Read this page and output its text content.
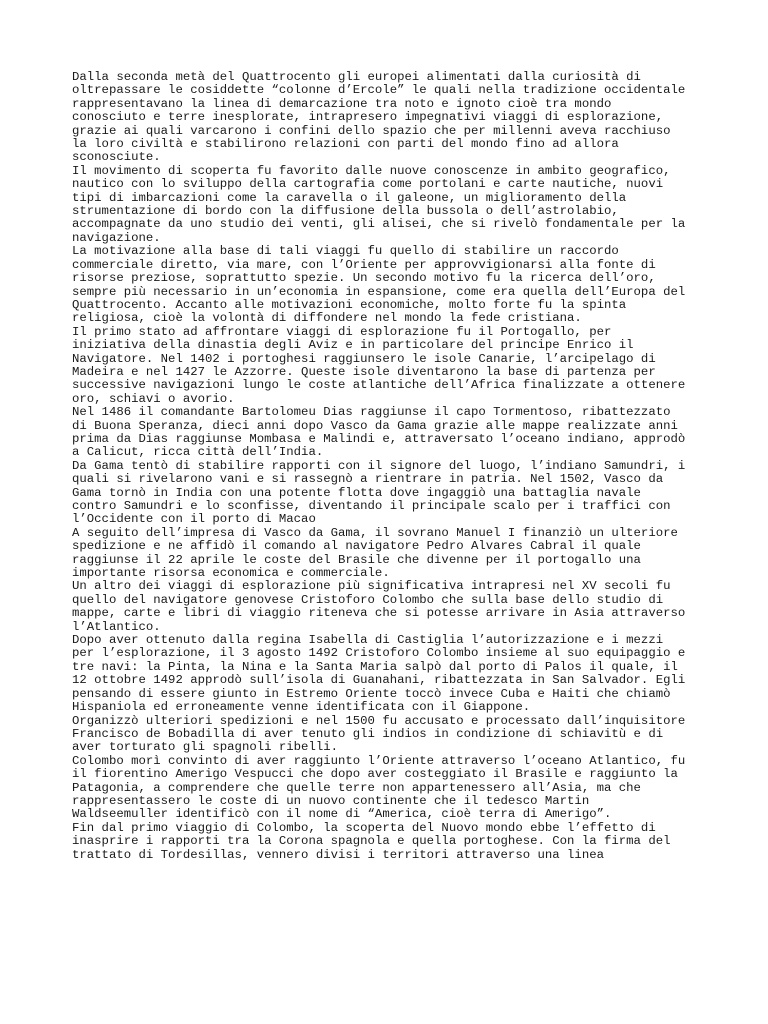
Dalla seconda metà del Quattrocento gli europei alimentati dalla curiosità di
oltrepassare le cosiddette “colonne d’Ercole” le quali nella tradizione occidentale
rappresentavano la linea di demarcazione tra noto e ignoto cioè tra mondo
conosciuto e terre inesplorate, intrapresero impegnativi viaggi di esplorazione,
grazie ai quali varcarono i confini dello spazio che per millenni aveva racchiuso
la loro civiltà e stabilirono relazioni con parti del mondo fino ad allora
sconosciute.
Il movimento di scoperta fu favorito dalle nuove conoscenze in ambito geografico,
nautico con lo sviluppo della cartografia come portolani e carte nautiche, nuovi
tipi di imbarcazioni come la caravella o il galeone, un miglioramento della
strumentazione di bordo con la diffusione della bussola o dell’astrolabio,
accompagnate da uno studio dei venti, gli alisei, che si rivelò fondamentale per la
navigazione.
La motivazione alla base di tali viaggi fu quello di stabilire un raccordo
commerciale diretto, via mare, con l’Oriente per approvvigionarsi alla fonte di
risorse preziose, soprattutto spezie. Un secondo motivo fu la ricerca dell’oro,
sempre più necessario in un’economia in espansione, come era quella dell’Europa del
Quattrocento. Accanto alle motivazioni economiche, molto forte fu la spinta
religiosa, cioè la volontà di diffondere nel mondo la fede cristiana.
Il primo stato ad affrontare viaggi di esplorazione fu il Portogallo, per
iniziativa della dinastia degli Aviz e in particolare del principe Enrico il
Navigatore. Nel 1402 i portoghesi raggiunsero le isole Canarie, l’arcipelago di
Madeira e nel 1427 le Azzorre. Queste isole diventarono la base di partenza per
successive navigazioni lungo le coste atlantiche dell’Africa finalizzate a ottenere
oro, schiavi o avorio.
Nel 1486 il comandante Bartolomeu Dias raggiunse il capo Tormentoso, ribattezzato
di Buona Speranza, dieci anni dopo Vasco da Gama grazie alle mappe realizzate anni
prima da Dias raggiunse Mombasa e Malindi e, attraversato l’oceano indiano, approdò
a Calicut, ricca città dell’India.
Da Gama tentò di stabilire rapporti con il signore del luogo, l’indiano Samundri, i
quali si rivelarono vani e si rassegnò a rientrare in patria. Nel 1502, Vasco da
Gama tornò in India con una potente flotta dove ingaggiò una battaglia navale
contro Samundri e lo sconfisse, diventando il principale scalo per i traffici con
l’Occidente con il porto di Macao
A seguito dell’impresa di Vasco da Gama, il sovrano Manuel I finanziò un ulteriore
spedizione e ne affidò il comando al navigatore Pedro Alvares Cabral il quale
raggiunse il 22 aprile le coste del Brasile che divenne per il portogallo una
importante risorsa economica e commerciale.
Un altro dei viaggi di esplorazione più significativa intrapresi nel XV secoli fu
quello del navigatore genovese Cristoforo Colombo che sulla base dello studio di
mappe, carte e libri di viaggio riteneva che si potesse arrivare in Asia attraverso
l’Atlantico.
Dopo aver ottenuto dalla regina Isabella di Castiglia l’autorizzazione e i mezzi
per l’esplorazione, il 3 agosto 1492 Cristoforo Colombo insieme al suo equipaggio e
tre navi: la Pinta, la Nina e la Santa Maria salpò dal porto di Palos il quale, il
12 ottobre 1492 approdò sull’isola di Guanahani, ribattezzata in San Salvador. Egli
pensando di essere giunto in Estremo Oriente toccò invece Cuba e Haiti che chiamò
Hispaniola ed erroneamente venne identificata con il Giappone.
Organizzò ulteriori spedizioni e nel 1500 fu accusato e processato dall’inquisitore
Francisco de Bobadilla di aver tenuto gli indios in condizione di schiavitù e di
aver torturato gli spagnoli ribelli.
Colombo morì convinto di aver raggiunto l’Oriente attraverso l’oceano Atlantico, fu
il fiorentino Amerigo Vespucci che dopo aver costeggiato il Brasile e raggiunto la
Patagonia, a comprendere che quelle terre non appartenessero all’Asia, ma che
rappresentassero le coste di un nuovo continente che il tedesco Martin
Waldseemuller identificò con il nome di “America, cioè terra di Amerigo”.
Fin dal primo viaggio di Colombo, la scoperta del Nuovo mondo ebbe l’effetto di
inasprire i rapporti tra la Corona spagnola e quella portoghese. Con la firma del
trattato di Tordesillas, vennero divisi i territori attraverso una linea
